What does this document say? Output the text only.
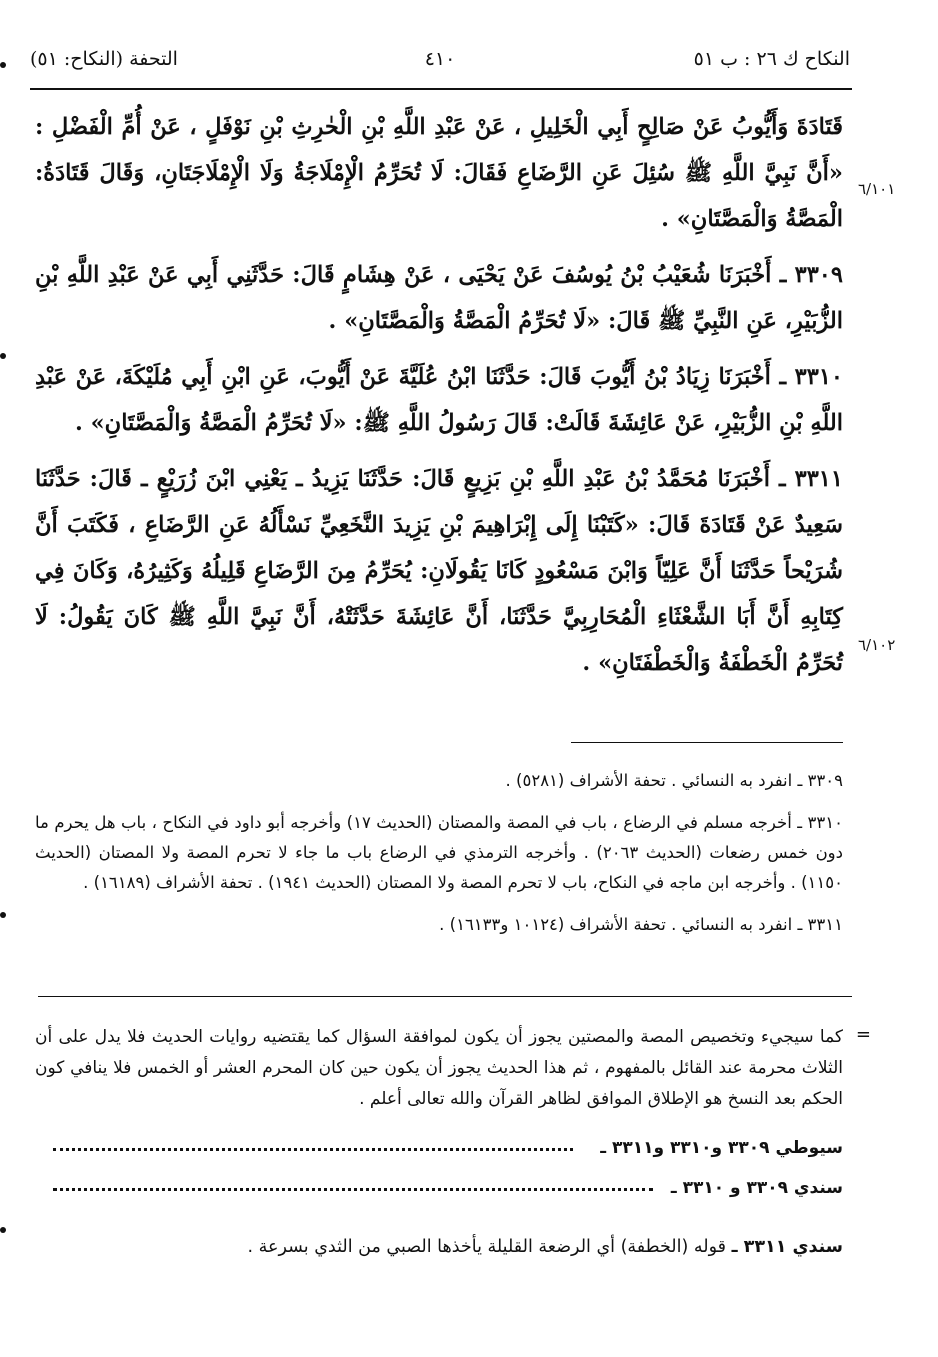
النكاح ك ٢٦ : ب ٥١
٤١٠
التحفة (النكاح: ٥١)
٦/١٠١
٦/١٠٢

قَتَادَةَ وَأَيُّوبُ عَنْ صَالِحٍ أَبِي الْخَلِيلِ ، عَنْ عَبْدِ اللَّهِ بْنِ الْحٰرِثِ بْنِ نَوْفَلٍ ، عَنْ أُمِّ الْفَضْلِ : «أَنَّ نَبِيَّ اللَّهِ ﷺ سُئِلَ عَنِ الرَّضَاعِ فَقَالَ: لَا تُحَرِّمُ الْإِمْلَاجَةُ وَلَا الْإِمْلَاجَتَانِ، وَقَالَ قَتَادَةُ: الْمَصَّةُ وَالْمَصَّتَانِ» .

٣٣٠٩ ـ أَخْبَرَنَا شُعَيْبُ بْنُ يُوسُفَ عَنْ يَحْيَى ، عَنْ هِشَامٍ قَالَ: حَدَّثَنِي أَبِي عَنْ عَبْدِ اللَّهِ بْنِ الزُّبَيْرِ، عَنِ النَّبِيِّ ﷺ قَالَ: «لَا تُحَرِّمُ الْمَصَّةُ وَالْمَصَّتَانِ» .

٣٣١٠ ـ أَخْبَرَنَا زِيَادُ بْنُ أَيُّوبَ قَالَ: حَدَّثَنَا ابْنُ عُلَيَّةَ عَنْ أَيُّوبَ، عَنِ ابْنِ أَبِي مُلَيْكَةَ، عَنْ عَبْدِ اللَّهِ بْنِ الزُّبَيْرِ، عَنْ عَائِشَةَ قَالَتْ: قَالَ رَسُولُ اللَّهِ ﷺ: «لَا تُحَرِّمُ الْمَصَّةُ وَالْمَصَّتَانِ» .

٣٣١١ ـ أَخْبَرَنَا مُحَمَّدُ بْنُ عَبْدِ اللَّهِ بْنِ بَزِيعٍ قَالَ: حَدَّثَنَا يَزِيدُ ـ يَعْنِي ابْنَ زُرَيْعٍ ـ قَالَ: حَدَّثَنَا سَعِيدٌ عَنْ قَتَادَةَ قَالَ: «كَتَبْنَا إِلَى إِبْرَاهِيمَ بْنِ يَزِيدَ النَّخَعِيِّ نَسْأَلُهُ عَنِ الرَّضَاعِ ، فَكَتَبَ أَنَّ شُرَيْحاً حَدَّثَنَا أَنَّ عَلِيّاً وَابْنَ مَسْعُودٍ كَانَا يَقُولَانِ: يُحَرِّمُ مِنَ الرَّضَاعِ قَلِيلُهُ وَكَثِيرُهُ، وَكَانَ فِي كِتَابِهِ أَنَّ أَبَا الشَّعْثَاءِ الْمُحَارِبِيَّ حَدَّثَنَا، أَنَّ عَائِشَةَ حَدَّثَتْهُ، أَنَّ نَبِيَّ اللَّهِ ﷺ كَانَ يَقُولُ: لَا تُحَرِّمُ الْخَطْفَةُ وَالْخَطْفَتَانِ» .

٣٣٠٩ ـ انفرد به النسائي . تحفة الأشراف (٥٢٨١) .

٣٣١٠ ـ أخرجه مسلم في الرضاع ، باب في المصة والمصتان (الحديث ١٧) وأخرجه أبو داود في النكاح ، باب هل يحرم ما دون خمس رضعات (الحديث ٢٠٦٣) . وأخرجه الترمذي في الرضاع باب ما جاء لا تحرم المصة ولا المصتان (الحديث ١١٥٠) . وأخرجه ابن ماجه في النكاح، باب لا تحرم المصة ولا المصتان (الحديث ١٩٤١) . تحفة الأشراف (١٦١٨٩) .

٣٣١١ ـ انفرد به النسائي . تحفة الأشراف (١٠١٢٤ و١٦١٣٣) .

=

كما سيجيء وتخصيص المصة والمصتين يجوز أن يكون لموافقة السؤال كما يقتضيه روايات الحديث فلا يدل على أن الثلاث محرمة عند القائل بالمفهوم ، ثم هذا الحديث يجوز أن يكون حين كان المحرم العشر أو الخمس فلا ينافي كون الحكم بعد النسخ هو الإطلاق الموافق لظاهر القرآن والله تعالى أعلم .

سيوطي ٣٣٠٩ و٣٣١٠ و٣٣١١ ـ
سندي ٣٣٠٩ و ٣٣١٠ ـ
سندي ٣٣١١ ـ قوله (الخطفة) أي الرضعة القليلة يأخذها الصبي من الثدي بسرعة .
